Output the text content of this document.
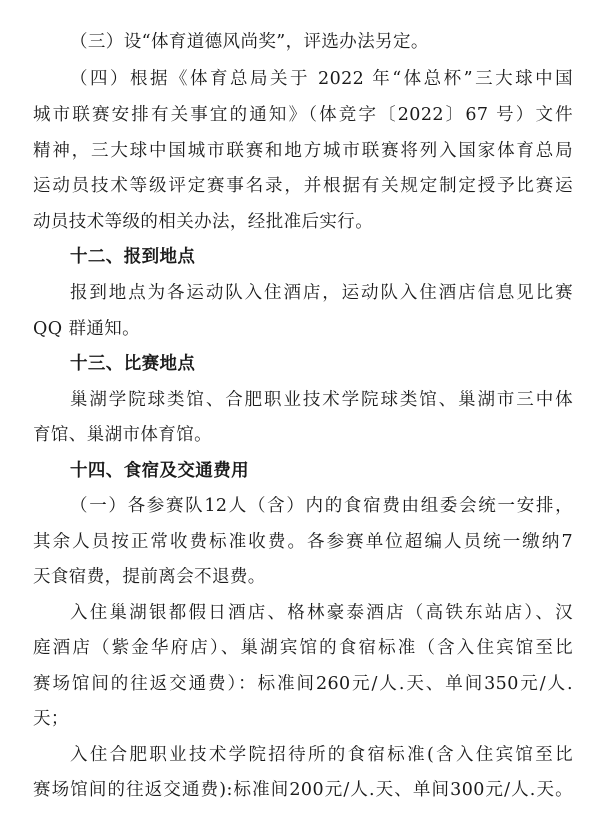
（三）设“体育道德风尚奖”，评选办法另定。
（四）根据《体育总局关于 2022 年“体总杯”三大球中国
城市联赛安排有关事宜的通知》（体竞字〔2022〕67 号）文件
精神，三大球中国城市联赛和地方城市联赛将列入国家体育总局
运动员技术等级评定赛事名录，并根据有关规定制定授予比赛运
动员技术等级的相关办法，经批准后实行。
十二、报到地点
报到地点为各运动队入住酒店，运动队入住酒店信息见比赛
QQ 群通知。
十三、比赛地点
巢湖学院球类馆、合肥职业技术学院球类馆、巢湖市三中体
育馆、巢湖市体育馆。
十四、食宿及交通费用
（一）各参赛队12人（含）内的食宿费由组委会统一安排，
其余人员按正常收费标准收费。各参赛单位超编人员统一缴纳7
天食宿费，提前离会不退费。
入住巢湖银都假日酒店、格林豪泰酒店（高铁东站店）、汉
庭酒店（紫金华府店）、巢湖宾馆的食宿标准（含入住宾馆至比
赛场馆间的往返交通费）：标准间260元/人.天、单间350元/人.
天；
入住合肥职业技术学院招待所的食宿标准(含入住宾馆至比
赛场馆间的往返交通费):标准间200元/人.天、单间300元/人.天。
